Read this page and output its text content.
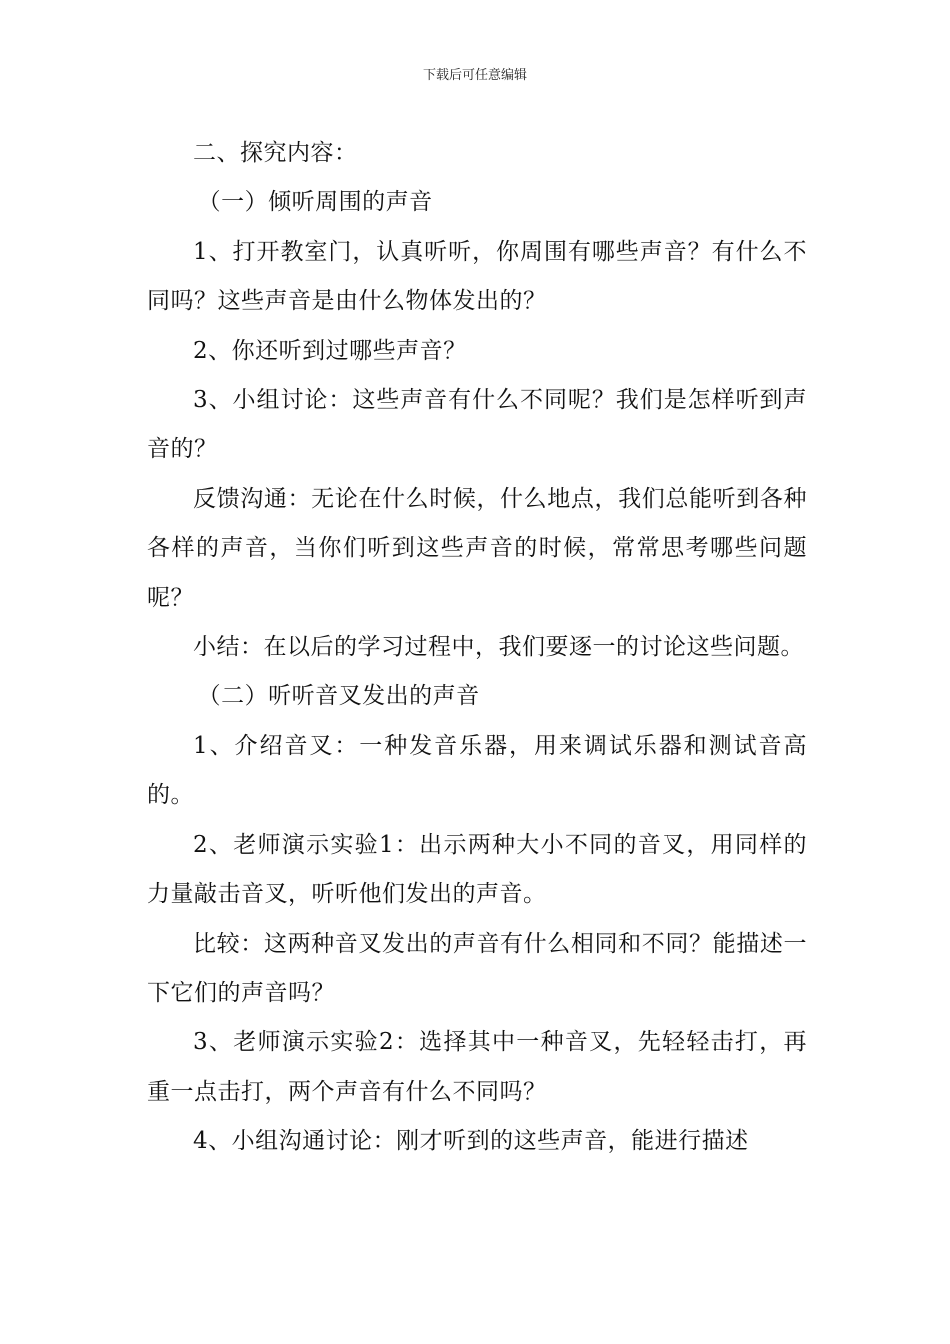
下载后可任意编辑

二、探究内容：

（一）倾听周围的声音

1、打开教室门，认真听听，你周围有哪些声音？有什么不同吗？这些声音是由什么物体发出的？

2、你还听到过哪些声音？

3、小组讨论：这些声音有什么不同呢？我们是怎样听到声音的？

反馈沟通：无论在什么时候，什么地点，我们总能听到各种各样的声音，当你们听到这些声音的时候，常常思考哪些问题呢？

小结：在以后的学习过程中，我们要逐一的讨论这些问题。

（二）听听音叉发出的声音

1、介绍音叉：一种发音乐器，用来调试乐器和测试音高的。

2、老师演示实验1：出示两种大小不同的音叉，用同样的力量敲击音叉，听听他们发出的声音。

比较：这两种音叉发出的声音有什么相同和不同？能描述一下它们的声音吗？

3、老师演示实验2：选择其中一种音叉，先轻轻击打，再重一点击打，两个声音有什么不同吗？

4、小组沟通讨论：刚才听到的这些声音，能进行描述
